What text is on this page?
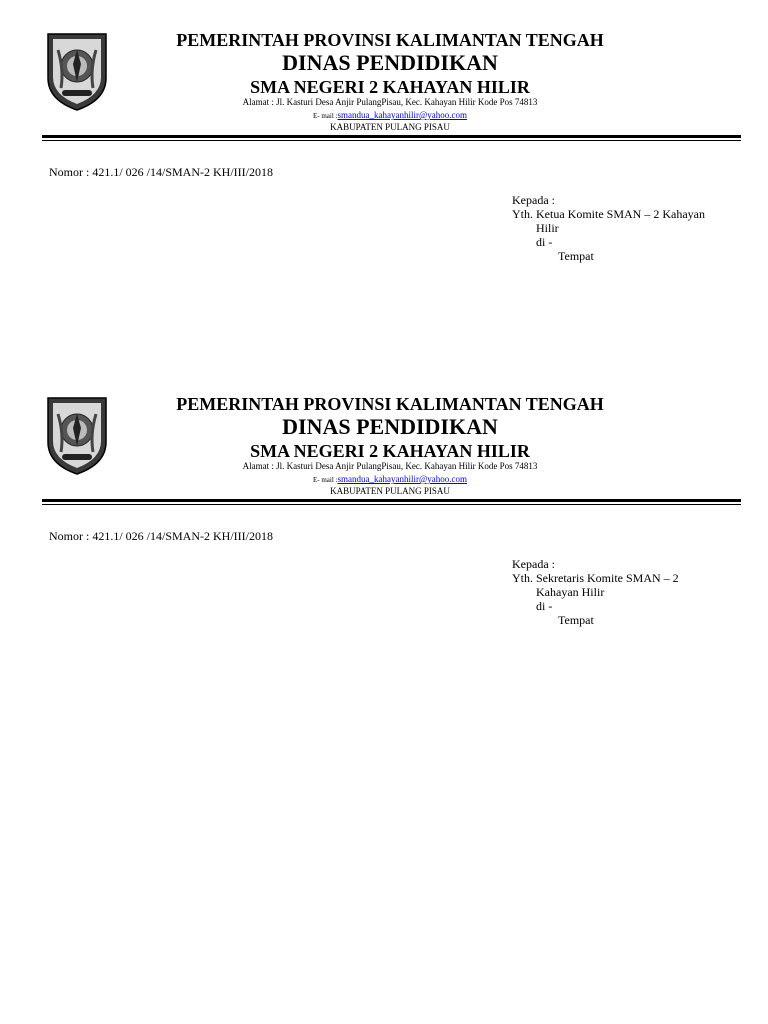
PEMERINTAH PROVINSI KALIMANTAN TENGAH
DINAS PENDIDIKAN
SMA NEGERI 2 KAHAYAN HILIR
Alamat : Jl. Kasturi Desa Anjir PulangPisau, Kec. Kahayan Hilir Kode Pos 74813
E- mail :smandua_kahayanhilir@yahoo.com
KABUPATEN PULANG PISAU
Nomor : 421.1/ 026 /14/SMAN-2 KH/III/2018
Kepada :
Yth. Ketua Komite SMAN – 2 Kahayan
Hilir
di -
Tempat
PEMERINTAH PROVINSI KALIMANTAN TENGAH
DINAS PENDIDIKAN
SMA NEGERI 2 KAHAYAN HILIR
Alamat : Jl. Kasturi Desa Anjir PulangPisau, Kec. Kahayan Hilir Kode Pos 74813
E- mail :smandua_kahayanhilir@yahoo.com
KABUPATEN PULANG PISAU
Nomor : 421.1/ 026 /14/SMAN-2 KH/III/2018
Kepada :
Yth. Sekretaris Komite SMAN – 2
Kahayan Hilir
di -
Tempat
